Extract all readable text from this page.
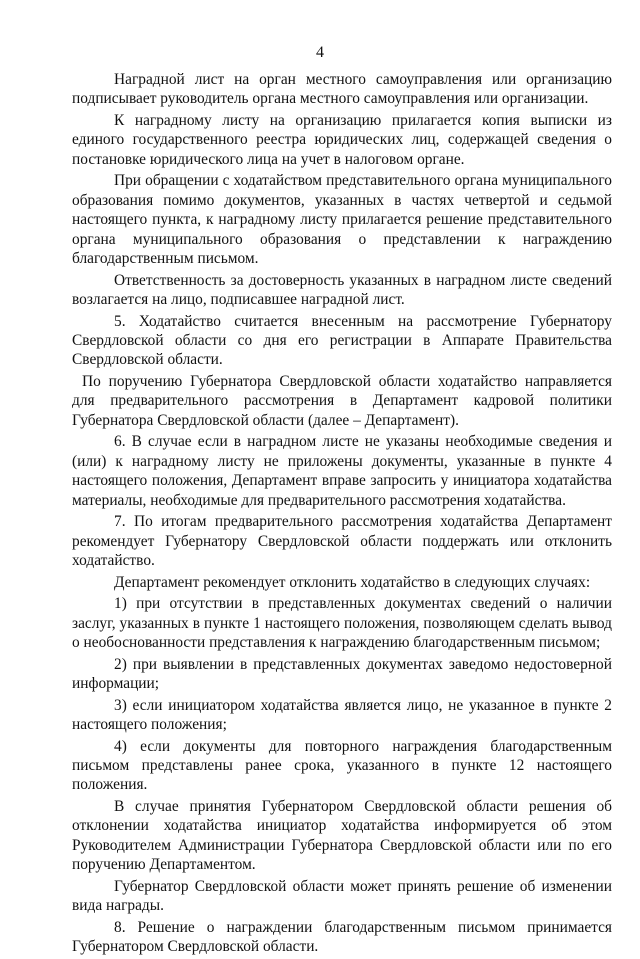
4

Наградной лист на орган местного самоуправления или организацию подписывает руководитель органа местного самоуправления или организации.

К наградному листу на организацию прилагается копия выписки из единого государственного реестра юридических лиц, содержащей сведения о постановке юридического лица на учет в налоговом органе.

При обращении с ходатайством представительного органа муниципального образования помимо документов, указанных в частях четвертой и седьмой настоящего пункта, к наградному листу прилагается решение представительного органа муниципального образования о представлении к награждению благодарственным письмом.

Ответственность за достоверность указанных в наградном листе сведений возлагается на лицо, подписавшее наградной лист.

5. Ходатайство считается внесенным на рассмотрение Губернатору Свердловской области со дня его регистрации в Аппарате Правительства Свердловской области.

По поручению Губернатора Свердловской области ходатайство направляется для предварительного рассмотрения в Департамент кадровой политики Губернатора Свердловской области (далее – Департамент).

6. В случае если в наградном листе не указаны необходимые сведения и (или) к наградному листу не приложены документы, указанные в пункте 4 настоящего положения, Департамент вправе запросить у инициатора ходатайства материалы, необходимые для предварительного рассмотрения ходатайства.

7. По итогам предварительного рассмотрения ходатайства Департамент рекомендует Губернатору Свердловской области поддержать или отклонить ходатайство.

Департамент рекомендует отклонить ходатайство в следующих случаях:

1) при отсутствии в представленных документах сведений о наличии заслуг, указанных в пункте 1 настоящего положения, позволяющем сделать вывод о необоснованности представления к награждению благодарственным письмом;

2) при выявлении в представленных документах заведомо недостоверной информации;

3) если инициатором ходатайства является лицо, не указанное в пункте 2 настоящего положения;

4) если документы для повторного награждения благодарственным письмом представлены ранее срока, указанного в пункте 12 настоящего положения.

В случае принятия Губернатором Свердловской области решения об отклонении ходатайства инициатор ходатайства информируется об этом Руководителем Администрации Губернатора Свердловской области или по его поручению Департаментом.

Губернатор Свердловской области может принять решение об изменении вида награды.

8. Решение о награждении благодарственным письмом принимается Губернатором Свердловской области.
